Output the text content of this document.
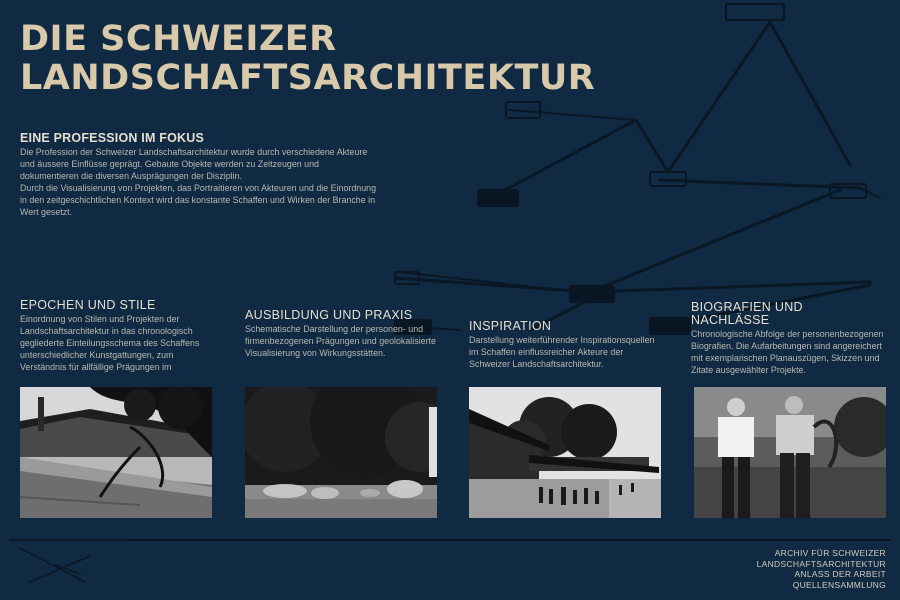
DIE SCHWEIZER
LANDSCHAFTSARCHITEKTUR
EINE PROFESSION IM FOKUS

Die Profession der Schweizer Landschaftsarchitektur wurde durch verschiedene Akteure und äussere Einflüsse geprägt. Gebaute Objekte werden zu Zeitzeugen und dokumentieren die diversen Ausprägungen der Disziplin.

Durch die Visualisierung von Projekten, das Portraitieren von Akteuren und die Einordnung in den zeitgeschichtlichen Kontext wird das konstante Schaffen und Wirken der Branche in Wert gesetzt.

EPOCHEN UND STILE

Einordnung von Stilen und Projekten der Landschaftsarchitektur in das chronologisch gegliederte Einteilungsschema des Schaffens unterschiedlicher Kunstgattungen, zum Verständnis für allfällige Prägungen im

AUSBILDUNG UND PRAXIS

Schematische Darstellung der personen- und firmenbezogenen Prägungen und geolokalisierte Visualisierung von Wirkungsstätten.

INSPIRATION

Darstellung weiterführender Inspirationsquellen im Schaffen einflussreicher Akteure der Schweizer Landschaftsarchitektur.

BIOGRAFIEN UND NACHLÄSSE

Chronologische Abfolge der personenbezogenen Biografien. Die Aufarbeitungen sind angereichert mit exemplarischen Planauszügen, Skizzen und Zitate ausgewählter Projekte.

ARCHIV FÜR SCHWEIZER
LANDSCHAFTSARCHITEKTUR
ANLASS DER ARBEIT
QUELLENSAMMLUNG
